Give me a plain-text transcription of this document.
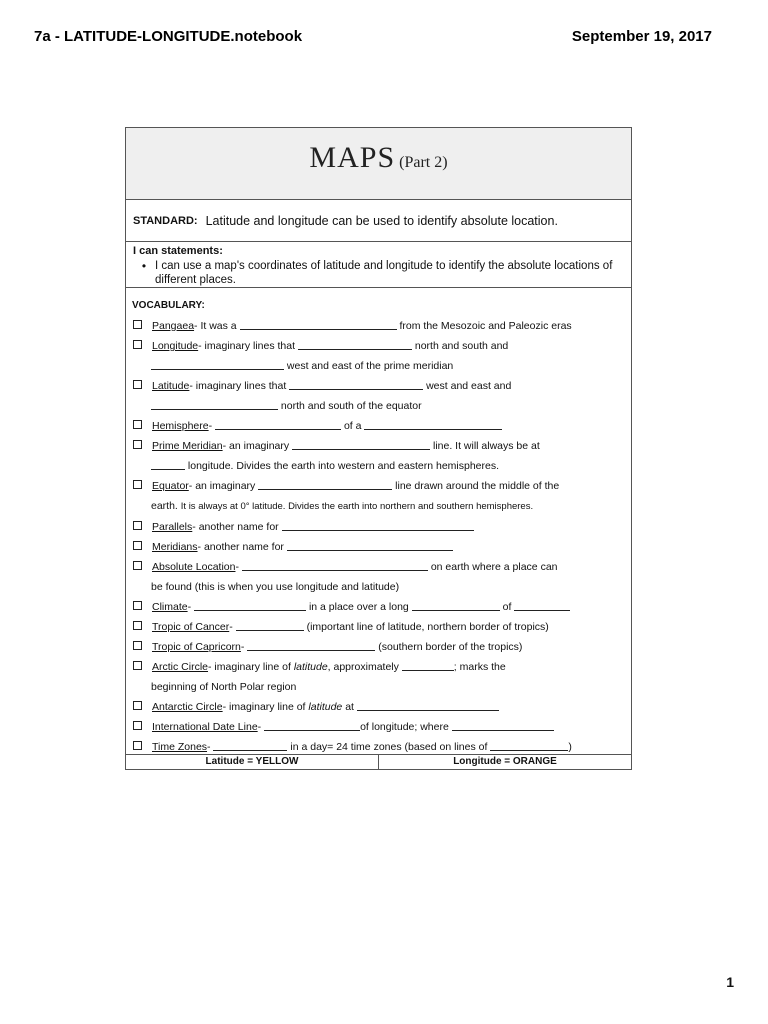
7a - LATITUDE-LONGITUDE.notebook	September 19, 2017
MAPS (Part 2)
STANDARD: Latitude and longitude can be used to identify absolute location.
I can statements:
• I can use a map's coordinates of latitude and longitude to identify the absolute locations of different places.
VOCABULARY:
Pangaea- It was a	from the Mesozoic and Paleozic eras
Longitude- imaginary lines that	north and south and
west and east of the prime meridian
Latitude- imaginary lines that	west and east and
north and south of the equator
Hemisphere-	of a
Prime Meridian- an imaginary	line. It will always be at
longitude. Divides the earth into western and eastern hemispheres.
Equator- an imaginary	line drawn around the middle of the
earth. It is always at 0° latitude. Divides the earth into northern and southern hemispheres.
Parallels- another name for
Meridians- another name for
Absolute Location-	on earth where a place can
be found (this is when you use longitude and latitude)
Climate-	in a place over a long	of
Tropic of Cancer-	(important line of latitude, northern border of tropics)
Tropic of Capricorn-	(southern border of the tropics)
Arctic Circle- imaginary line of latitude, approximately	; marks the
beginning of North Polar region
Antarctic Circle- imaginary line of latitude at
International Date Line-	of longitude; where
Time Zones-	in a day= 24 time zones (based on lines of	)
Latitude = YELLOW	Longitude = ORANGE
1
